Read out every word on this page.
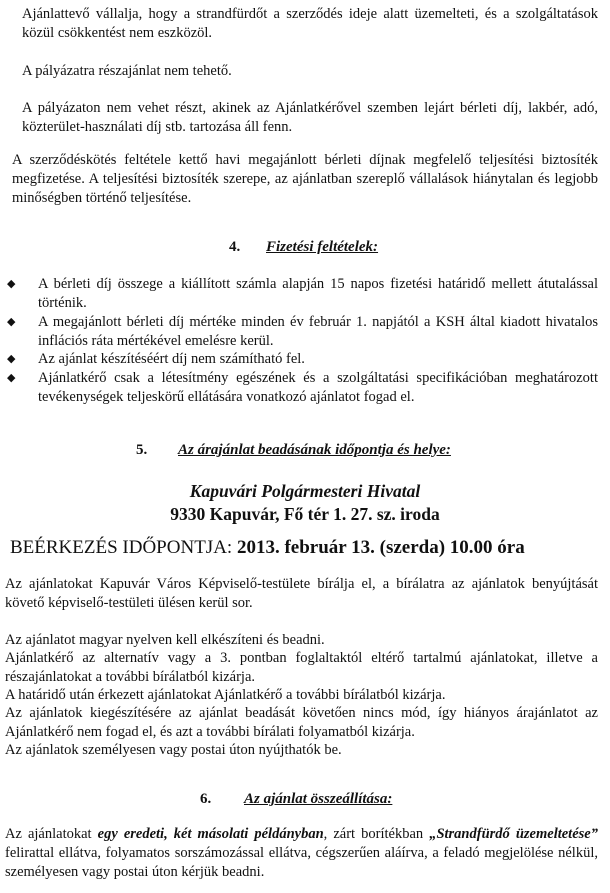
Ajánlattevő vállalja, hogy a strandfürdőt a szerződés ideje alatt üzemelteti, és a szolgáltatások közül csökkentést nem eszközöl.
A pályázatra részajánlat nem tehető.
A pályázaton nem vehet részt, akinek az Ajánlatkérővel szemben lejárt bérleti díj, lakbér, adó, közterület-használati díj stb. tartozása áll fenn.
A szerződéskötés feltétele kettő havi megajánlott bérleti díjnak megfelelő teljesítési biztosíték megfizetése. A teljesítési biztosíték szerepe, az ajánlatban szereplő vállalások hiánytalan és legjobb minőségben történő teljesítése.
4. Fizetési feltételek:
◆ A bérleti díj összege a kiállított számla alapján 15 napos fizetési határidő mellett átutalással történik.
◆ A megajánlott bérleti díj mértéke minden év február 1. napjától a KSH által kiadott hivatalos inflációs ráta mértékével emelésre kerül.
◆ Az ajánlat készítéséért díj nem számítható fel.
◆ Ajánlatkérő csak a létesítmény egészének és a szolgáltatási specifikációban meghatározott tevékenységek teljeskörű ellátására vonatkozó ajánlatot fogad el.
5. Az árajánlat beadásának időpontja és helye:
Kapuvári Polgármesteri Hivatal
9330 Kapuvár, Fő tér 1. 27. sz. iroda
BEÉRKEZÉS IDŐPONTJA: 2013. február 13. (szerda) 10.00 óra
Az ajánlatokat Kapuvár Város Képviselő-testülete bírálja el, a bírálatra az ajánlatok benyújtását követő képviselő-testületi ülésen kerül sor.
Az ajánlatot magyar nyelven kell elkészíteni és beadni.
Ajánlatkérő az alternatív vagy a 3. pontban foglaltaktól eltérő tartalmú ajánlatokat, illetve a részajánlatokat a további bírálatból kizárja.
A határidő után érkezett ajánlatokat Ajánlatkérő a további bírálatból kizárja.
Az ajánlatok kiegészítésére az ajánlat beadását követően nincs mód, így hiányos árajánlatot az Ajánlatkérő nem fogad el, és azt a további bírálati folyamatból kizárja.
Az ajánlatok személyesen vagy postai úton nyújthatók be.
6. Az ajánlat összeállítása:
Az ajánlatokat egy eredeti, két másolati példányban, zárt borítékban „Strandfürdő üzemeltetése” felirattal ellátva, folyamatos sorszámozással ellátva, cégszerűen aláírva, a feladó megjelölése nélkül, személyesen vagy postai úton kérjük beadni.
